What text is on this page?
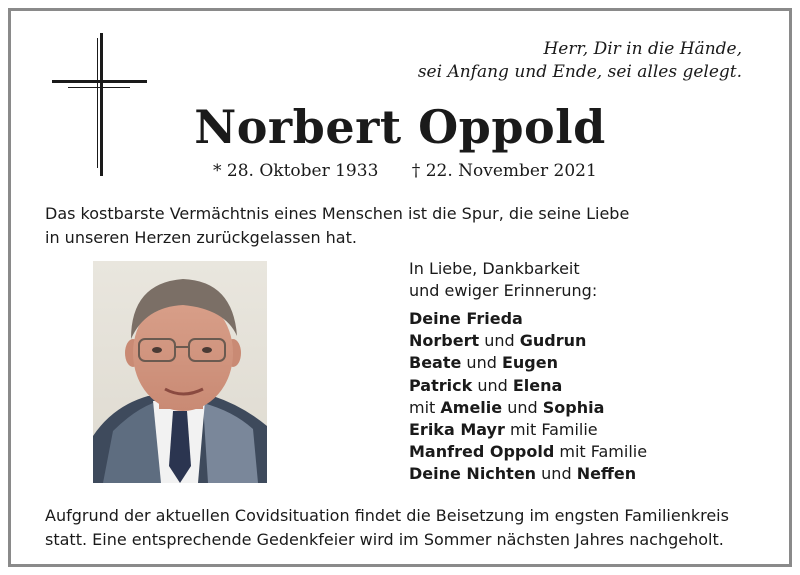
Herr, Dir in die Hände,
sei Anfang und Ende, sei alles gelegt.
Norbert Oppold
* 28. Oktober 1933 † 22. November 2021
Das kostbarste Vermächtnis eines Menschen ist die Spur, die seine Liebe
in unseren Herzen zurückgelassen hat.
In Liebe, Dankbarkeit
und ewiger Erinnerung:
Deine Frieda
Norbert und Gudrun
Beate und Eugen
Patrick und Elena
mit Amelie und Sophia
Erika Mayr mit Familie
Manfred Oppold mit Familie
Deine Nichten und Neffen
Aufgrund der aktuellen Covidsituation findet die Beisetzung im engsten Familienkreis
statt. Eine entsprechende Gedenkfeier wird im Sommer nächsten Jahres nachgeholt.
